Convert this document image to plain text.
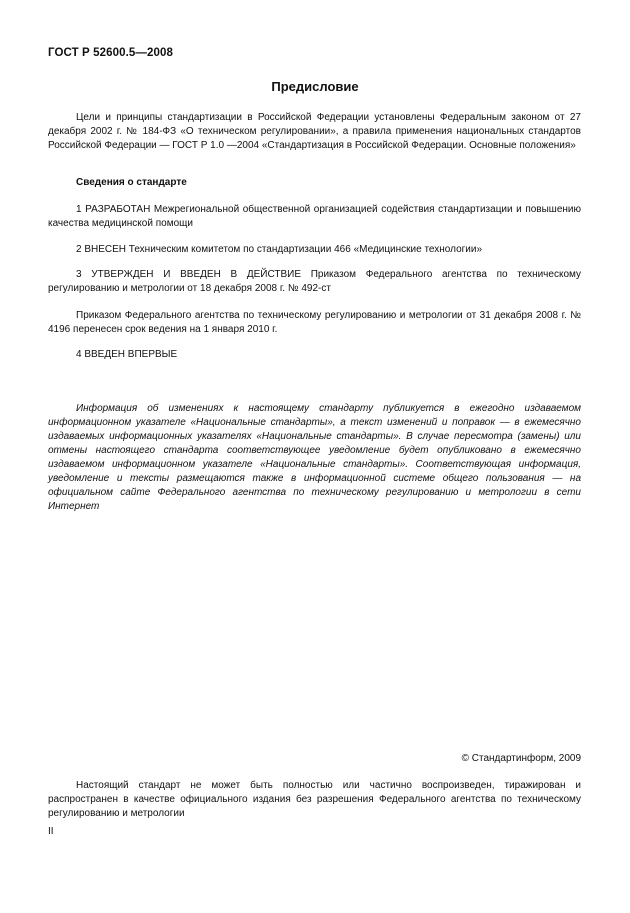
ГОСТ Р 52600.5—2008
Предисловие
Цели и принципы стандартизации в Российской Федерации установлены Федеральным законом от 27 декабря 2002 г. № 184-ФЗ «О техническом регулировании», а правила применения национальных стандартов Российской Федерации — ГОСТ Р 1.0 —2004 «Стандартизация в Российской Федерации. Основные положения»
Сведения о стандарте
1 РАЗРАБОТАН Межрегиональной общественной организацией содействия стандартизации и повышению качества медицинской помощи
2 ВНЕСЕН Техническим комитетом по стандартизации 466 «Медицинские технологии»
3 УТВЕРЖДЕН И ВВЕДЕН В ДЕЙСТВИЕ Приказом Федерального агентства по техническому регулированию и метрологии от 18 декабря 2008 г. № 492-ст
Приказом Федерального агентства по техническому регулированию и метрологии от 31 декабря 2008 г. № 4196 перенесен срок ведения на 1 января 2010 г.
4 ВВЕДЕН ВПЕРВЫЕ
Информация об изменениях к настоящему стандарту публикуется в ежегодно издаваемом информационном указателе «Национальные стандарты», а текст изменений и поправок — в ежемесячно издаваемых информационных указателях «Национальные стандарты». В случае пересмотра (замены) или отмены настоящего стандарта соответствующее уведомление будет опубликовано в ежемесячно издаваемом информационном указателе «Национальные стандарты». Соответствующая информация, уведомление и тексты размещаются также в информационной системе общего пользования — на официальном сайте Федерального агентства по техническому регулированию и метрологии в сети Интернет
© Стандартинформ, 2009
Настоящий стандарт не может быть полностью или частично воспроизведен, тиражирован и распространен в качестве официального издания без разрешения Федерального агентства по техническому регулированию и метрологии
II
